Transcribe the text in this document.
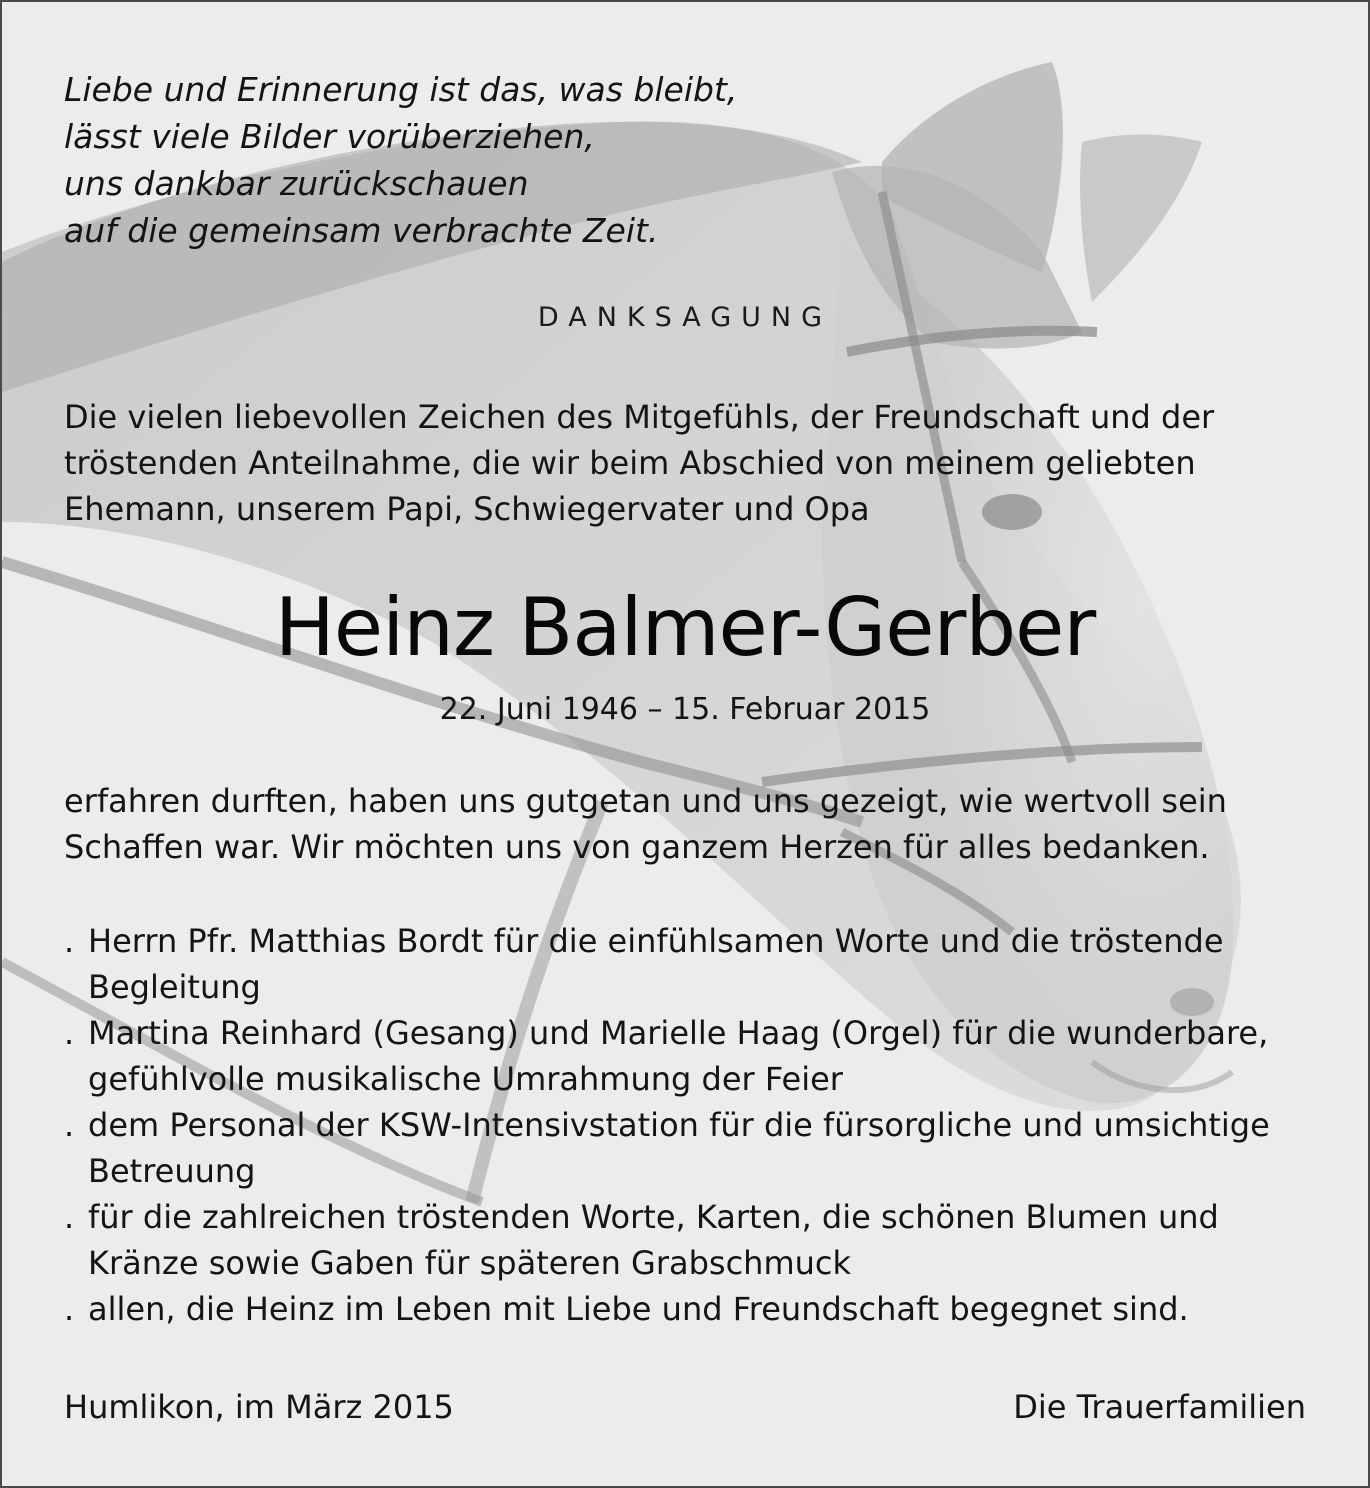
Liebe und Erinnerung ist das, was bleibt,
lässt viele Bilder vorüberziehen,
uns dankbar zurückschauen
auf die gemeinsam verbrachte Zeit.
DANKSAGUNG
Die vielen liebevollen Zeichen des Mitgefühls, der Freundschaft und der
tröstenden Anteilnahme, die wir beim Abschied von meinem geliebten
Ehemann, unserem Papi, Schwiegervater und Opa
Heinz Balmer-Gerber
22. Juni 1946 – 15. Februar 2015
erfahren durften, haben uns gutgetan und uns gezeigt, wie wertvoll sein
Schaffen war. Wir möchten uns von ganzem Herzen für alles bedanken.
. Herrn Pfr. Matthias Bordt für die einfühlsamen Worte und die tröstende
Begleitung
. Martina Reinhard (Gesang) und Marielle Haag (Orgel) für die wunderbare,
gefühlvolle musikalische Umrahmung der Feier
. dem Personal der KSW-Intensivstation für die fürsorgliche und umsichtige
Betreuung
. für die zahlreichen tröstenden Worte, Karten, die schönen Blumen und
Kränze sowie Gaben für späteren Grabschmuck
. allen, die Heinz im Leben mit Liebe und Freundschaft begegnet sind.
Humlikon, im März 2015	Die Trauerfamilien
